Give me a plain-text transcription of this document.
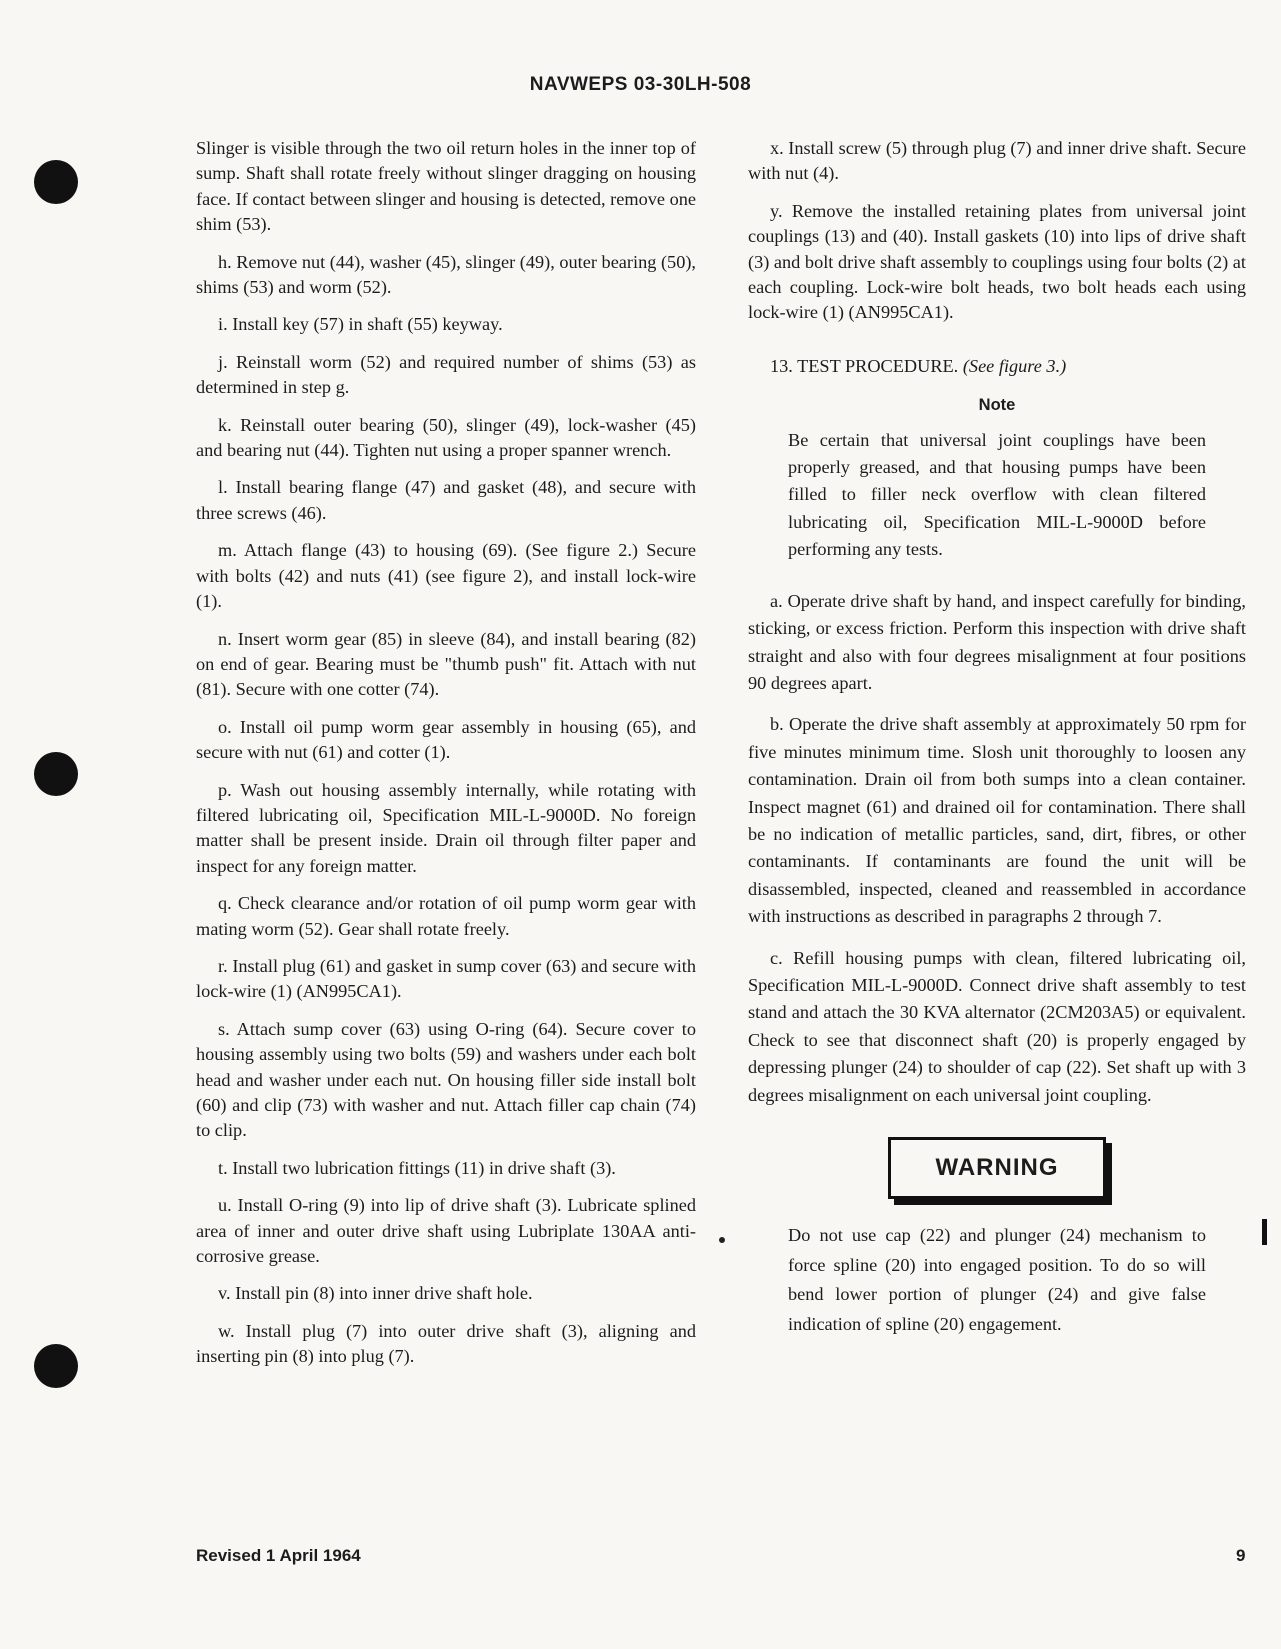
NAVWEPS 03-30LH-508

Slinger is visible through the two oil return holes in the inner top of sump. Shaft shall rotate freely without slinger dragging on housing face. If contact between slinger and housing is detected, remove one shim (53).

h. Remove nut (44), washer (45), slinger (49), outer bearing (50), shims (53) and worm (52).

i. Install key (57) in shaft (55) keyway.

j. Reinstall worm (52) and required number of shims (53) as determined in step g.

k. Reinstall outer bearing (50), slinger (49), lock-washer (45) and bearing nut (44). Tighten nut using a proper spanner wrench.

l. Install bearing flange (47) and gasket (48), and secure with three screws (46).

m. Attach flange (43) to housing (69). (See figure 2.) Secure with bolts (42) and nuts (41) (see figure 2), and install lock-wire (1).

n. Insert worm gear (85) in sleeve (84), and install bearing (82) on end of gear. Bearing must be "thumb push" fit. Attach with nut (81). Secure with one cotter (74).

o. Install oil pump worm gear assembly in housing (65), and secure with nut (61) and cotter (1).

p. Wash out housing assembly internally, while rotating with filtered lubricating oil, Specification MIL-L-9000D. No foreign matter shall be present inside. Drain oil through filter paper and inspect for any foreign matter.

q. Check clearance and/or rotation of oil pump worm gear with mating worm (52). Gear shall rotate freely.

r. Install plug (61) and gasket in sump cover (63) and secure with lock-wire (1) (AN995CA1).

s. Attach sump cover (63) using O-ring (64). Secure cover to housing assembly using two bolts (59) and washers under each bolt head and washer under each nut. On housing filler side install bolt (60) and clip (73) with washer and nut. Attach filler cap chain (74) to clip.

t. Install two lubrication fittings (11) in drive shaft (3).

u. Install O-ring (9) into lip of drive shaft (3). Lubricate splined area of inner and outer drive shaft using Lubriplate 130AA anti-corrosive grease.

v. Install pin (8) into inner drive shaft hole.

w. Install plug (7) into outer drive shaft (3), aligning and inserting pin (8) into plug (7).

x. Install screw (5) through plug (7) and inner drive shaft. Secure with nut (4).

y. Remove the installed retaining plates from universal joint couplings (13) and (40). Install gaskets (10) into lips of drive shaft (3) and bolt drive shaft assembly to couplings using four bolts (2) at each coupling. Lock-wire bolt heads, two bolt heads each using lock-wire (1) (AN995CA1).

13. TEST PROCEDURE. (See figure 3.)

Note

Be certain that universal joint couplings have been properly greased, and that housing pumps have been filled to filler neck overflow with clean filtered lubricating oil, Specification MIL-L-9000D before performing any tests.

a. Operate drive shaft by hand, and inspect carefully for binding, sticking, or excess friction. Perform this inspection with drive shaft straight and also with four degrees misalignment at four positions 90 degrees apart.

b. Operate the drive shaft assembly at approximately 50 rpm for five minutes minimum time. Slosh unit thoroughly to loosen any contamination. Drain oil from both sumps into a clean container. Inspect magnet (61) and drained oil for contamination. There shall be no indication of metallic particles, sand, dirt, fibres, or other contaminants. If contaminants are found the unit will be disassembled, inspected, cleaned and reassembled in accordance with instructions as described in paragraphs 2 through 7.

c. Refill housing pumps with clean, filtered lubricating oil, Specification MIL-L-9000D. Connect drive shaft assembly to test stand and attach the 30 KVA alternator (2CM203A5) or equivalent. Check to see that disconnect shaft (20) is properly engaged by depressing plunger (24) to shoulder of cap (22). Set shaft up with 3 degrees misalignment on each universal joint coupling.

WARNING

Do not use cap (22) and plunger (24) mechanism to force spline (20) into engaged position. To do so will bend lower portion of plunger (24) and give false indication of spline (20) engagement.

Revised 1 April 1964	9
